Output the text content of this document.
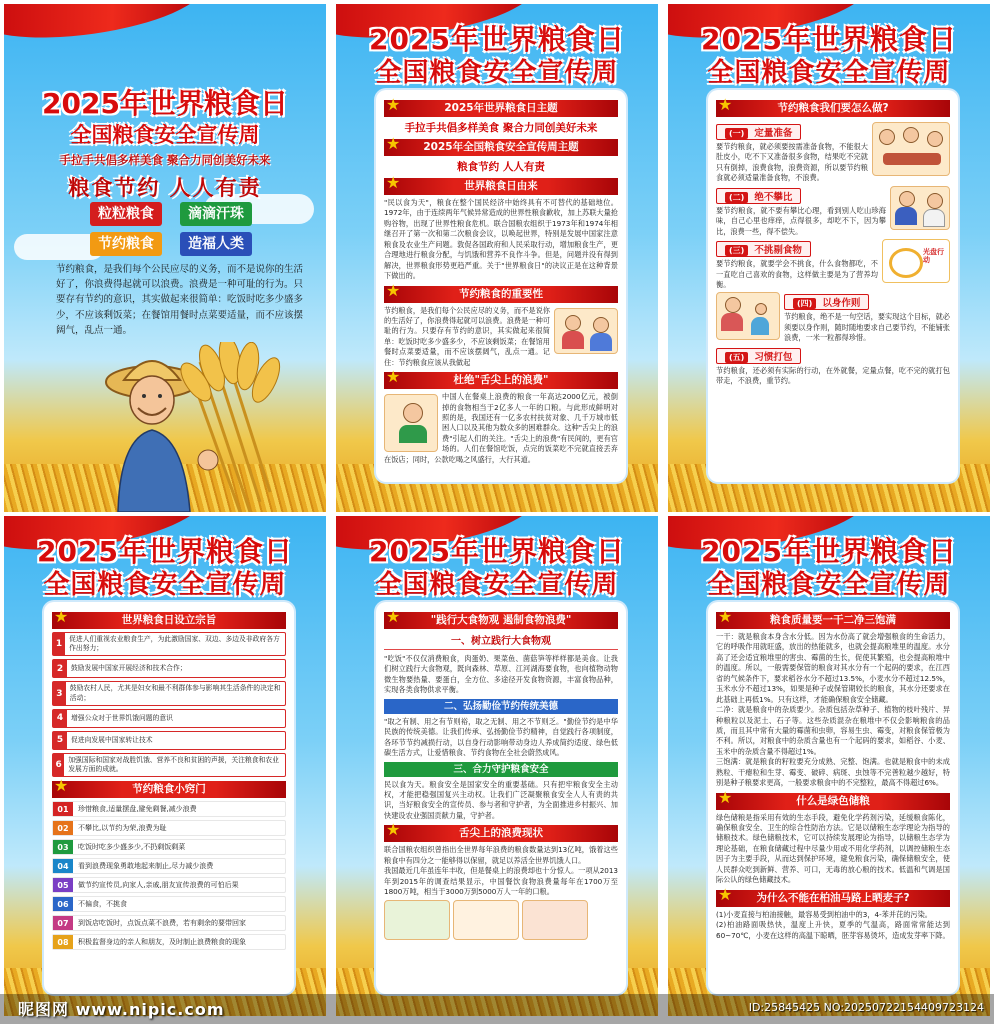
2025年世界粮食日
全国粮食安全宣传周
手拉手共倡多样美食 聚合力同创美好未来
粮食节约 人人有责
粒粒粮食	滴滴汗珠
节约粮食	造福人类
节约粮食，是我们每个公民应尽的义务，而不是说你的生活好了，你浪费得起就可以浪费。浪费是一种可耻的行为。只要存有节约的意识，其实做起来很简单：吃饭时吃多少盛多少，不应该剩饭菜；在餐馆用餐时点菜要适量，而不应该摆阔气，乱点一通。
2025年世界粮食日
全国粮食安全宣传周
★	2025年世界粮食日主题
手拉手共倡多样美食 聚合力同创美好未来
★ 2025年全国粮食安全宣传周主题
粮食节约 人人有责
★	世界粮食日由来
"民以食为天"，粮食在整个国民经济中始终具有不可替代的基础地位。1972年，由于连续两年气候异常造成的世界性粮食歉收，加上苏联大量抢购谷物，出现了世界性粮食危机。联合国粮农组织于1973年和1974年相继召开了第一次和第二次粮食会议，以唤起世界，特别是发展中国家注意粮食及农业生产问题。敦促各国政府和人民采取行动，增加粮食生产，更合理地进行粮食分配，与饥饿和营养不良作斗争。但是，问题并没有得到解决，世界粮食形势更趋严重。关于"世界粮食日"的决议正是在这种背景下做出的。
★	节约粮食的重要性
节约粮食，是我们每个公民应尽的义务，而不是说你的生活好了，你浪费得起就可以浪费。浪费是一种可耻的行为。只要存有节约的意识，其实做起来很简单：吃饭时吃多少盛多少，不应该剩饭菜；在餐馆用餐时点菜要适量，而不应该摆阔气，乱点一通。记住：节约粮食应该从我做起
★	杜绝"舌尖上的浪费"
中国人在餐桌上浪费的粮食一年高达2000亿元，被倒掉的食物相当于2亿多人一年的口粮。与此形成鲜明对照的是，我国还有一亿多农村扶贫对象、几千万城市低困人口以及其他为数众多的困难群众。这种"舌尖上的浪费"引起人们的关注。"舌尖上的浪费"有民间的，更有官场的。人们在餐馆吃饭，点完的饭菜吃不完就直接丢弃在饭店；同时，公款吃喝之风盛行，大行其道。
2025年世界粮食日
全国粮食安全宣传周
★	节约粮食我们要怎么做?
(一) 定量准备
要节约粮食，就必须要按需准备食物，不能很大肚皮小，吃不下又准备很多食物，结果吃不完就只有倒掉，浪费食物，浪费资源，所以要节约粮食就必须适量准备食物，不浪费。
(二) 绝不攀比
要节约粮食，就不要有攀比心理，看到别人吃山珍海味，自己心里也痒痒，点得很多，却吃不下，因为攀比，浪费一些，得不偿失。
(三) 不挑剔食物	光盘行动
要节约粮食，就要学会不挑食，什么食物都吃，不一直吃自己喜欢的食物，这样做主要是为了营养均衡。
(四) 以身作则
节约粮食，绝不是一句空话，要实现这个目标，就必须要以身作则，随时随地要求自己要节约，不能铺张浪费，一米一粒都得珍惜。
(五) 习惯打包
节约粮食，还必须有实际的行动，在外就餐，定量点餐，吃不完的就打包带走，不浪费，重节约。
2025年世界粮食日
全国粮食安全宣传周
★	世界粮食日设立宗旨
1
促进人们重视农业粮食生产，为此激励国家、双边、多边及非政府各方作出努力；
2	鼓励发展中国家开展经济和技术合作；
3
鼓励农村人民，尤其是妇女和最不利群体参与影响其生活条件的决定和活动；
4	增强公众对于世界饥饿问题的意识
5	促进向发展中国家转让技术
6
加强国际和国家对战胜饥饿、营养不良和贫困的声援，关注粮食和农业发展方面的成就。
★	节约粮食小窍门
01	珍惜粮食,适量摆盘,避免剩餐,减少浪费
02	不攀比,以节约为荣,浪费为耻
03	吃饭时吃多少盛多少,不扔剩饭剩菜
04	看到浪费现象勇敢地起来制止,尽力减少浪费
05	做节约宣传员,向家人,亲戚,朋友宣传浪费的可怕后果
06	不偏食，不挑食
07	到饭店吃饭时，点饭点菜不浪费，若有剩余的要带回家
08	积极监督身边的亲人和朋友，及时制止浪费粮食的现象
2025年世界粮食日
全国粮食安全宣传周
★	"践行大食物观 遏制食物浪费"
一、树立践行大食物观
"吃饭"不仅仅消费粮食，肉蛋奶、果菜鱼、菌菇笋等样样都是美食。让我们树立践行大食物观，既向森林、草原、江河湖海要食物，也向植物动物微生物要热量、要蛋白，全方位、多途径开发食物资源，丰富食物品种，实现各类食物供求平衡。
二、弘扬勤俭节约传统美德
"取之有制、用之有节则裕，取之无制、用之不节则乏。"勤俭节约是中华民族的传统美德。让我们传承、弘扬勤俭节约精神，自觉践行各项制度，各环节节约减损行动，以自身行动影响带动身边人养成简约适度、绿色低碳生活方式，让爱惜粮食、节约食物在全社会蔚然成风。
三、合力守护粮食安全
民以食为天。粮食安全是国家安全的重要基础。只有把牢粮食安全主动权，才能把稳强国复兴主动权。让我们广泛凝聚粮食安全人人有责的共识，当好粮食安全的宣传员、参与者和守护者，为全面推进乡村振兴、加快建设农业强国贡献力量，守护者。
★	舌尖上的浪费现状
联合国粮农组织曾指出全世界每年浪费的粮食数量达到13亿吨，饿着这些粮食中有四分之一能够得以保留，就足以养活全世界饥饿人口。
我国最近几年虽连年丰收，但是餐桌上的浪费却也十分惊人。一项从2013年到2015年的调查结果显示，中国餐饮食物浪费量每年在1700万至1800万吨，相当于3000万到5000万人一年的口粮。
2025年世界粮食日
全国粮食安全宣传周
★	粮食质量要一干二净三饱满
一干：就是粮食本身含水分低。因为水份高了就会增强粮食的生命活力，它的呼吸作用就旺盛，放出的热能就多，也就会提高粮堆里的温度。水分高了还会适宜粮堆里的害虫、霉菌的生长，促使其繁殖，也会提高粮堆中的温度。所以，一般需要保管的粮食对其水分有一个起码的要求，在江西省的气候条件下，要求稻谷水分不超过13.5%，小麦水分不超过12.5%，玉米水分不超过13%，如果是种子或保管期较长的粮食，其水分还要求在此基础上再低1%。只有这样，才能确保粮食安全储藏。
二净：就是粮食中的杂质要少。杂质包括杂草种子、植物的枝叶残片、异种粮粒以及泥土、石子等。这些杂质混杂在粮堆中不仅会影响粮食的品质，而且其中常有大量的霉菌和虫卵，容易生虫、霉变，对粮食保管极为不利。所以，对粮食中的杂质含量也有一个起码的要求，如稻谷、小麦、玉米中的杂质含量不得超过1%。
三饱满：就是粮食的籽粒要充分成熟、完整、饱满。也就是粮食中的未成熟粒、干瘪粒和生芽、霉变、破碎、病斑、虫蚀等不完善粒越少越好，特别是种子粮要求更高，一般要求粮食中的不完整粒，最高不得超过6%。
★	什么是绿色储粮
绿色储粮是指采用有效的生态手段，避免化学药剂污染，延缓粮食陈化，确保粮食安全、卫生的综合性防治方法。它是以储粮生态学理论为指导的储粮技术。绿色储粮技术，它可以持续发展理论为指导，以储粮生态学为理论基础，在粮食储藏过程中尽量少用或不用化学药剂，以调控储粮生态因子为主要手段，从而达到保护环境，避免粮食污染，确保储粮安全，使人民群众吃到新鲜、营养、可口，无毒的放心粮的技术。低温和气调是国际公认的绿色储藏技术。
★ 为什么不能在柏油马路上晒麦子?
(1)小麦直接与柏油接触，最容易受到柏油中的3，4-苯并芘的污染。
(2)柏油路面吸热快，温度上升快，夏季的气温高，路面常常能达到60~70℃，小麦在这样的高温下晾晒，胚芽容易烫坏，造成发芽率下降。
昵图网 www.nipic.com	ID:25845425 NO:20250722154409723124
